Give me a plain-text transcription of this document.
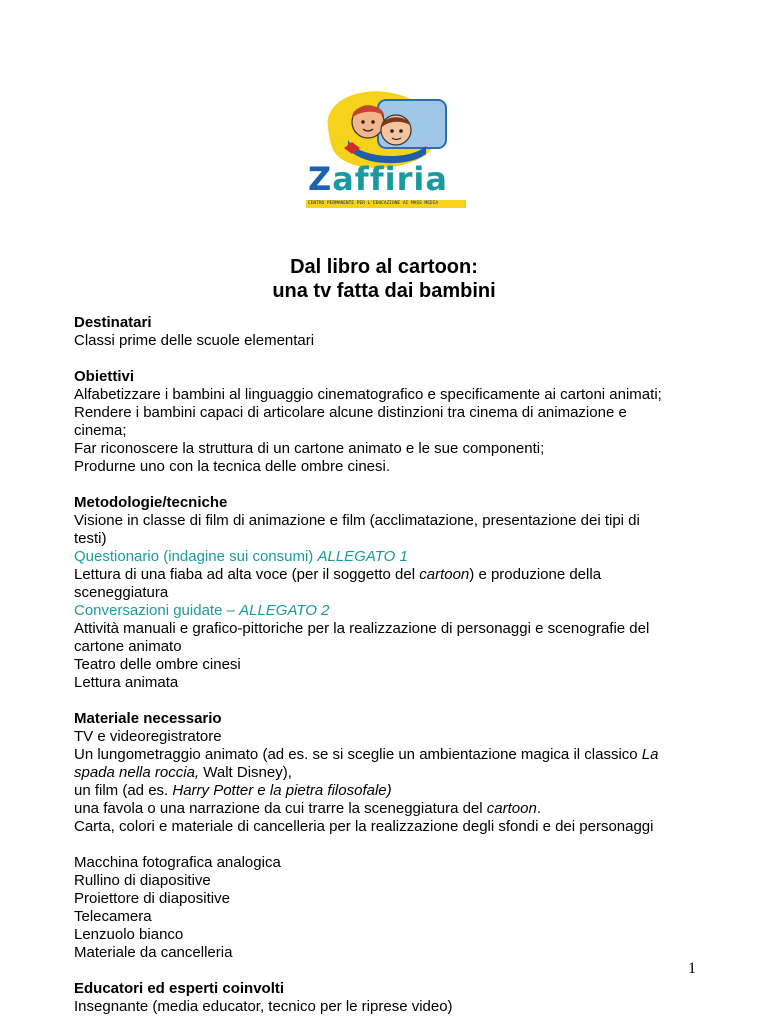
Zaffiria
CENTRO PERMANENTE PER L'EDUCAZIONE AI MASS MEDIA
Dal libro al cartoon:
una tv fatta dai bambini
Destinatari
Classi prime delle scuole elementari
Obiettivi
Alfabetizzare i bambini al linguaggio cinematografico e specificamente ai cartoni animati;
Rendere i bambini capaci di articolare alcune distinzioni tra cinema di animazione e
cinema;
Far riconoscere la struttura di un cartone animato e le sue componenti;
Produrne uno con la tecnica delle ombre cinesi.
Metodologie/tecniche
Visione in classe di film di animazione e film (acclimatazione, presentazione dei tipi di
testi)
Questionario (indagine sui consumi) ALLEGATO 1
Lettura di una fiaba ad alta voce (per il soggetto del cartoon) e produzione della
sceneggiatura
Conversazioni guidate – ALLEGATO 2
Attività manuali e grafico-pittoriche per la realizzazione di personaggi e scenografie del
cartone animato
Teatro delle ombre cinesi
Lettura animata
Materiale necessario
TV e videoregistratore
Un lungometraggio animato (ad es. se si sceglie un ambientazione magica il classico La
spada nella roccia, Walt Disney),
un film (ad es. Harry Potter e la pietra filosofale)
una favola o una narrazione da cui trarre la sceneggiatura del cartoon.
Carta, colori e materiale di cancelleria per la realizzazione degli sfondi e dei personaggi
Macchina fotografica analogica
Rullino di diapositive
Proiettore di diapositive
Telecamera
Lenzuolo bianco
Materiale da cancelleria
Educatori ed esperti coinvolti
Insegnante (media educator, tecnico per le riprese video)
1
